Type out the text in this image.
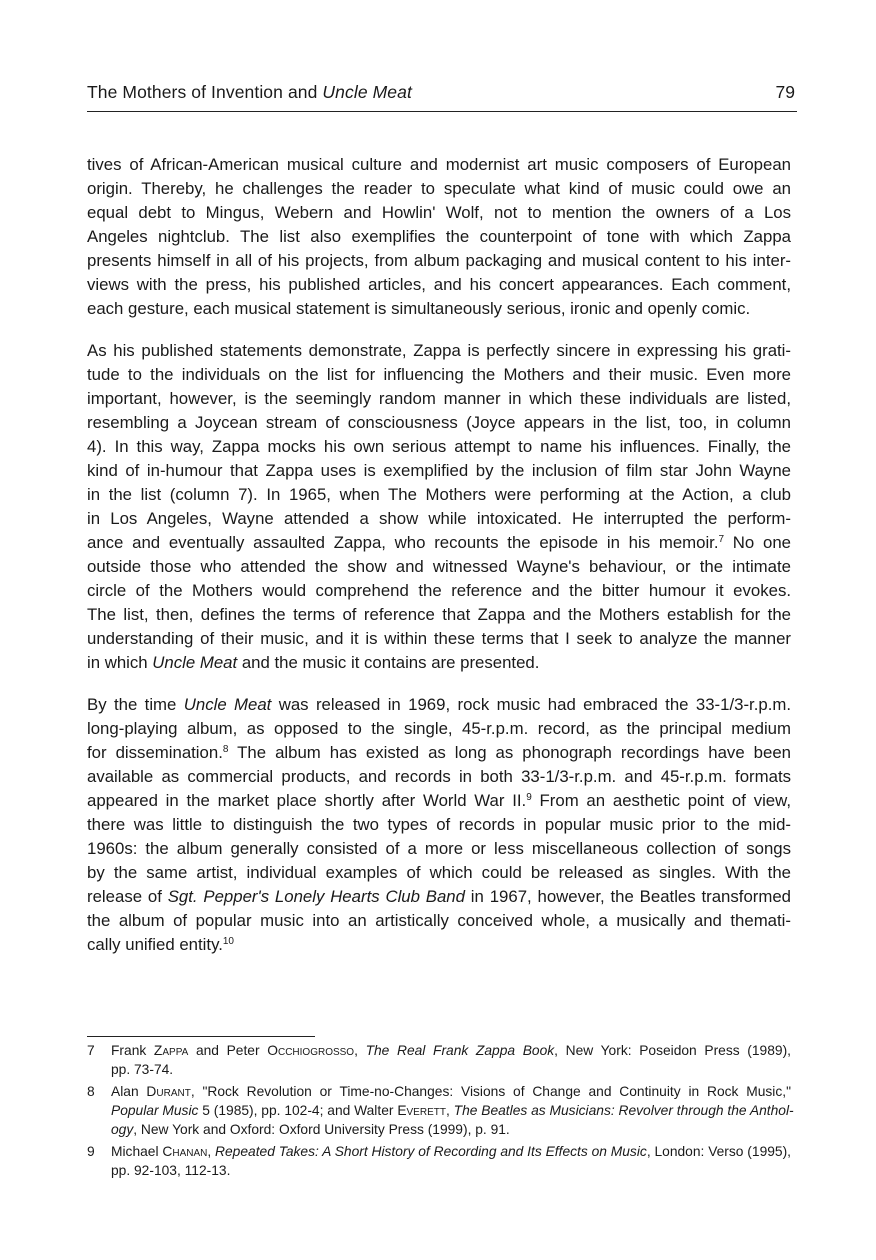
The Mothers of Invention and Uncle Meat	79
tives of African-American musical culture and modernist art music composers of European
origin. Thereby, he challenges the reader to speculate what kind of music could owe an
equal debt to Mingus, Webern and Howlin' Wolf, not to mention the owners of a Los
Angeles nightclub. The list also exemplifies the counterpoint of tone with which Zappa
presents himself in all of his projects, from album packaging and musical content to his inter-
views with the press, his published articles, and his concert appearances. Each comment,
each gesture, each musical statement is simultaneously serious, ironic and openly comic.
As his published statements demonstrate, Zappa is perfectly sincere in expressing his grati-
tude to the individuals on the list for influencing the Mothers and their music. Even more
important, however, is the seemingly random manner in which these individuals are listed,
resembling a Joycean stream of consciousness (Joyce appears in the list, too, in column
4). In this way, Zappa mocks his own serious attempt to name his influences. Finally, the
kind of in-humour that Zappa uses is exemplified by the inclusion of film star John Wayne
in the list (column 7). In 1965, when The Mothers were performing at the Action, a club
in Los Angeles, Wayne attended a show while intoxicated. He interrupted the perform-
ance and eventually assaulted Zappa, who recounts the episode in his memoir.$^7$ No one
outside those who attended the show and witnessed Wayne's behaviour, or the intimate
circle of the Mothers would comprehend the reference and the bitter humour it evokes.
The list, then, defines the terms of reference that Zappa and the Mothers establish for the
understanding of their music, and it is within these terms that I seek to analyze the manner
in which Uncle Meat and the music it contains are presented.
By the time Uncle Meat was released in 1969, rock music had embraced the 33-1/3-r.p.m.
long-playing album, as opposed to the single, 45-r.p.m. record, as the principal medium
for dissemination.$^8$ The album has existed as long as phonograph recordings have been
available as commercial products, and records in both 33-1/3-r.p.m. and 45-r.p.m. formats
appeared in the market place shortly after World War II.$^9$ From an aesthetic point of view,
there was little to distinguish the two types of records in popular music prior to the mid-
1960s: the album generally consisted of a more or less miscellaneous collection of songs
by the same artist, individual examples of which could be released as singles. With the
release of Sgt. Pepper's Lonely Hearts Club Band in 1967, however, the Beatles transformed
the album of popular music into an artistically conceived whole, a musically and themati-
cally unified entity.$^{10}$
7 Frank Zappa and Peter Occhiogrosso, The Real Frank Zappa Book, New York: Poseidon Press (1989),
pp. 73-74.
8 Alan Durant, "Rock Revolution or Time-no-Changes: Visions of Change and Continuity in Rock Music,"
Popular Music 5 (1985), pp. 102-4; and Walter Everett, The Beatles as Musicians: Revolver through the Anthol-
ogy, New York and Oxford: Oxford University Press (1999), p. 91.
9 Michael Chanan, Repeated Takes: A Short History of Recording and Its Effects on Music, London: Verso (1995),
pp. 92-103, 112-13.
